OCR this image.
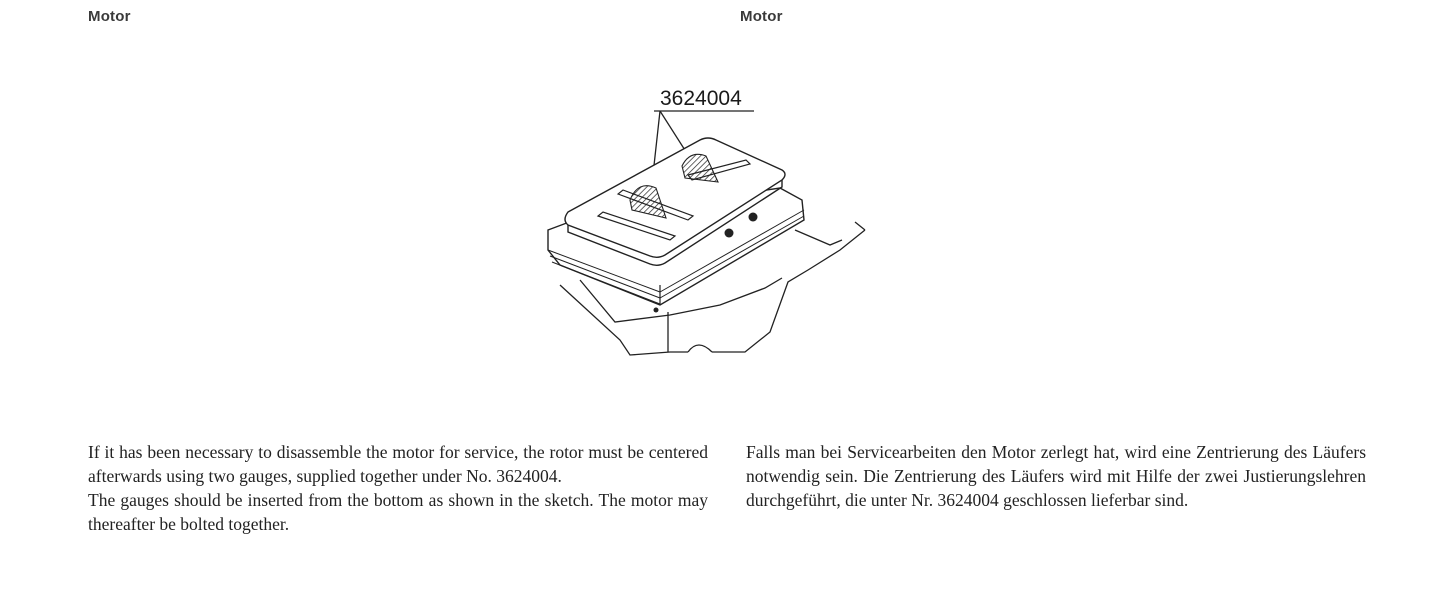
Motor	Motor
3624004

If it has been necessary to disassemble the motor for service, the rotor must be centered afterwards using two gauges, supplied together under No. 3624004.

The gauges should be inserted from the bottom as shown in the sketch. The motor may thereafter be bolted together.

Falls man bei Servicearbeiten den Motor zerlegt hat, wird eine Zentrierung des Läufers notwendig sein. Die Zentrierung des Läufers wird mit Hilfe der zwei Justierungslehren durchgeführt, die unter Nr. 3624004 geschlossen lieferbar sind.
